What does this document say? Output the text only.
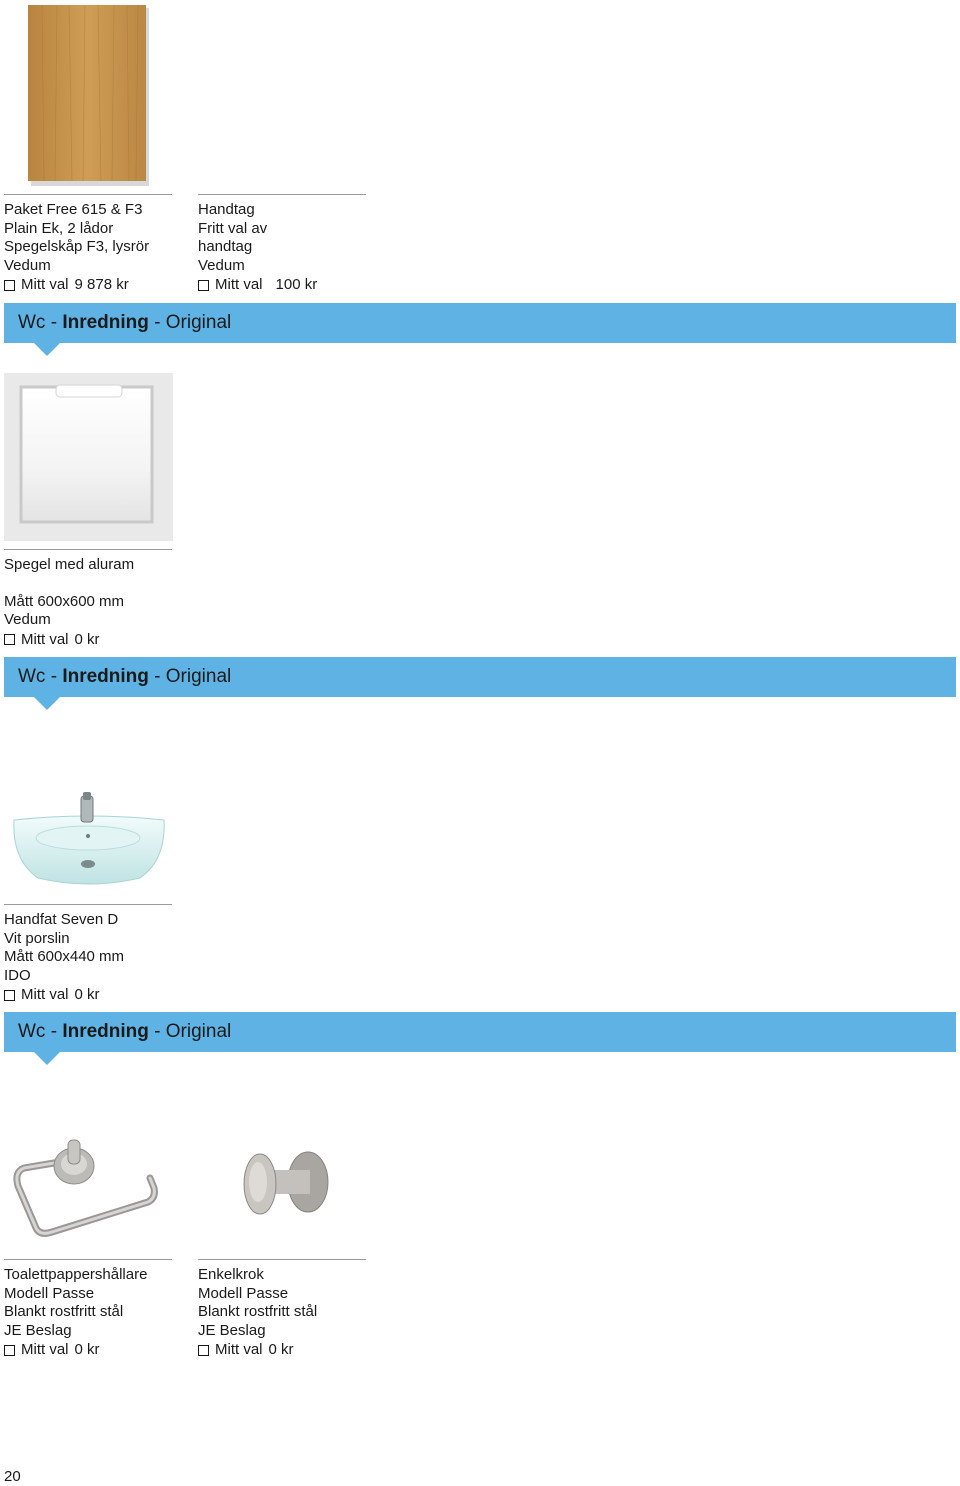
Paket Free 615 & F3
Plain Ek, 2 lådor
Spegelskåp F3, lysrör
Vedum
Mitt val 9 878 kr
Handtag
Fritt val av
handtag
Vedum
Mitt val 100 kr
Wc - Inredning - Original
Spegel med aluram
Mått 600x600 mm
Vedum
Mitt val 0 kr
Wc - Inredning - Original
Handfat Seven D
Vit porslin
Mått 600x440 mm
IDO
Mitt val 0 kr
Wc - Inredning - Original
Toalettpappershållare
Modell Passe
Blankt rostfritt stål
JE Beslag
Mitt val 0 kr
Enkelkrok
Modell Passe
Blankt rostfritt stål
JE Beslag
Mitt val 0 kr
20
